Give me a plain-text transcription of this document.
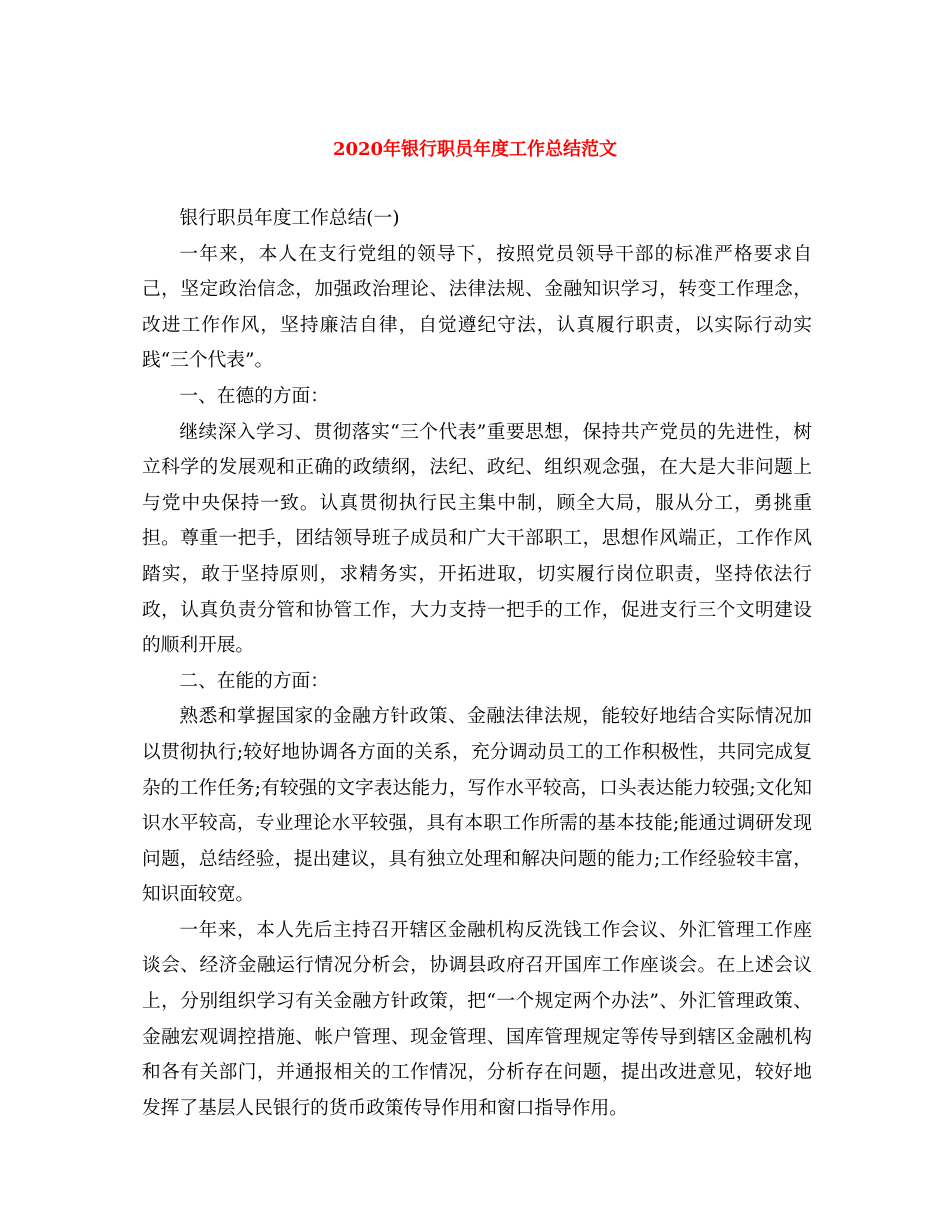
2020年银行职员年度工作总结范文

银行职员年度工作总结(一)

一年来，本人在支行党组的领导下，按照党员领导干部的标准严格要求自己，坚定政治信念，加强政治理论、法律法规、金融知识学习，转变工作理念，改进工作作风，坚持廉洁自律，自觉遵纪守法，认真履行职责，以实际行动实践“三个代表”。

一、在德的方面：

继续深入学习、贯彻落实“三个代表”重要思想，保持共产党员的先进性，树立科学的发展观和正确的政绩纲，法纪、政纪、组织观念强，在大是大非问题上与党中央保持一致。认真贯彻执行民主集中制，顾全大局，服从分工，勇挑重担。尊重一把手，团结领导班子成员和广大干部职工，思想作风端正，工作作风踏实，敢于坚持原则，求精务实，开拓进取，切实履行岗位职责，坚持依法行政，认真负责分管和协管工作，大力支持一把手的工作，促进支行三个文明建设的顺利开展。

二、在能的方面：

熟悉和掌握国家的金融方针政策、金融法律法规，能较好地结合实际情况加以贯彻执行;较好地协调各方面的关系，充分调动员工的工作积极性，共同完成复杂的工作任务;有较强的文字表达能力，写作水平较高，口头表达能力较强;文化知识水平较高，专业理论水平较强，具有本职工作所需的基本技能;能通过调研发现问题，总结经验，提出建议，具有独立处理和解决问题的能力;工作经验较丰富，知识面较宽。

一年来，本人先后主持召开辖区金融机构反洗钱工作会议、外汇管理工作座谈会、经济金融运行情况分析会，协调县政府召开国库工作座谈会。在上述会议上，分别组织学习有关金融方针政策，把“一个规定两个办法”、外汇管理政策、金融宏观调控措施、帐户管理、现金管理、国库管理规定等传导到辖区金融机构和各有关部门，并通报相关的工作情况，分析存在问题，提出改进意见，较好地发挥了基层人民银行的货币政策传导作用和窗口指导作用。
